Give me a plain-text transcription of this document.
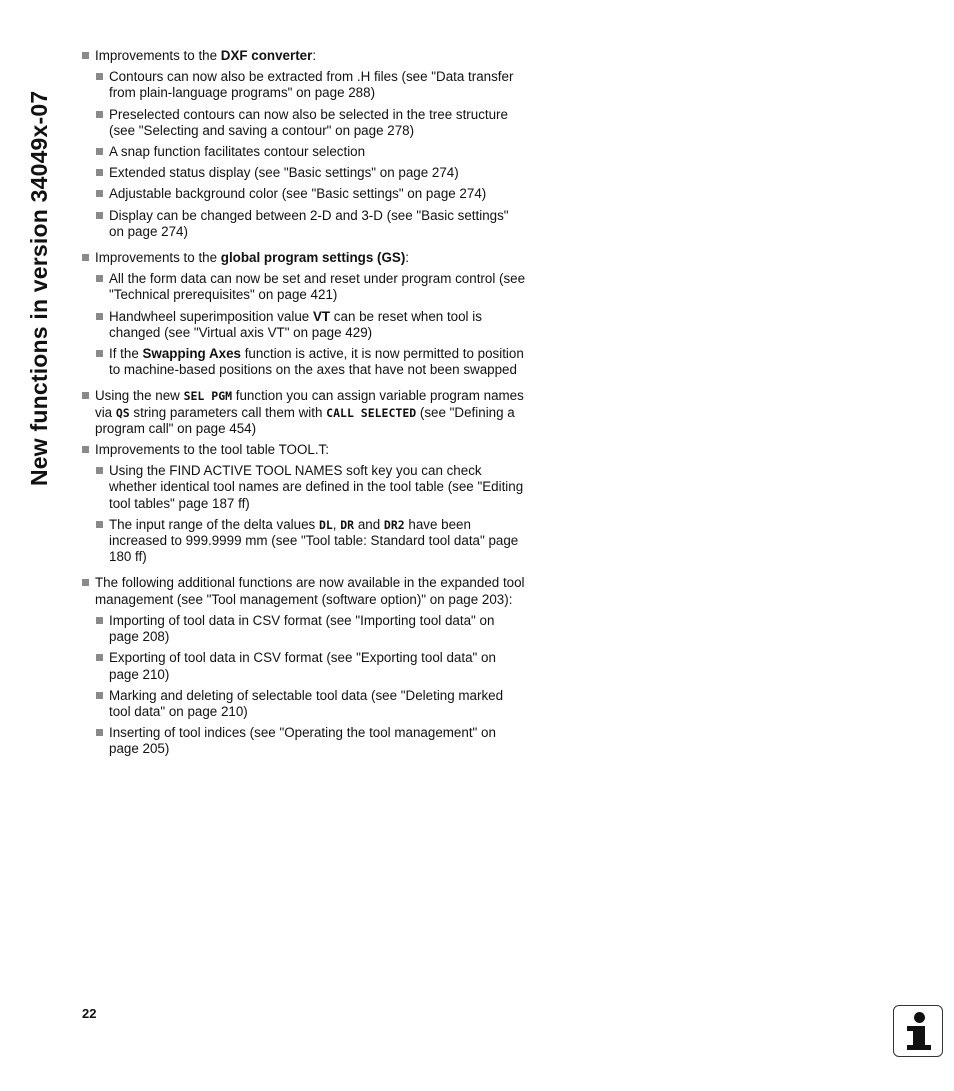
New functions in version 34049x-07
Improvements to the DXF converter:
Contours can now also be extracted from .H files (see "Data transfer from plain-language programs" on page 288)
Preselected contours can now also be selected in the tree structure (see "Selecting and saving a contour" on page 278)
A snap function facilitates contour selection
Extended status display (see "Basic settings" on page 274)
Adjustable background color (see "Basic settings" on page 274)
Display can be changed between 2-D and 3-D (see "Basic settings" on page 274)
Improvements to the global program settings (GS):
All the form data can now be set and reset under program control (see "Technical prerequisites" on page 421)
Handwheel superimposition value VT can be reset when tool is changed (see "Virtual axis VT" on page 429)
If the Swapping Axes function is active, it is now permitted to position to machine-based positions on the axes that have not been swapped
Using the new SEL PGM function you can assign variable program names via QS string parameters call them with CALL SELECTED (see "Defining a program call" on page 454)
Improvements to the tool table TOOL.T:
Using the FIND ACTIVE TOOL NAMES soft key you can check whether identical tool names are defined in the tool table (see "Editing tool tables" page 187 ff)
The input range of the delta values DL, DR and DR2 have been increased to 999.9999 mm (see "Tool table: Standard tool data" page 180 ff)
The following additional functions are now available in the expanded tool management (see "Tool management (software option)" on page 203):
Importing of tool data in CSV format (see "Importing tool data" on page 208)
Exporting of tool data in CSV format (see "Exporting tool data" on page 210)
Marking and deleting of selectable tool data (see "Deleting marked tool data" on page 210)
Inserting of tool indices (see "Operating the tool management" on page 205)
22
